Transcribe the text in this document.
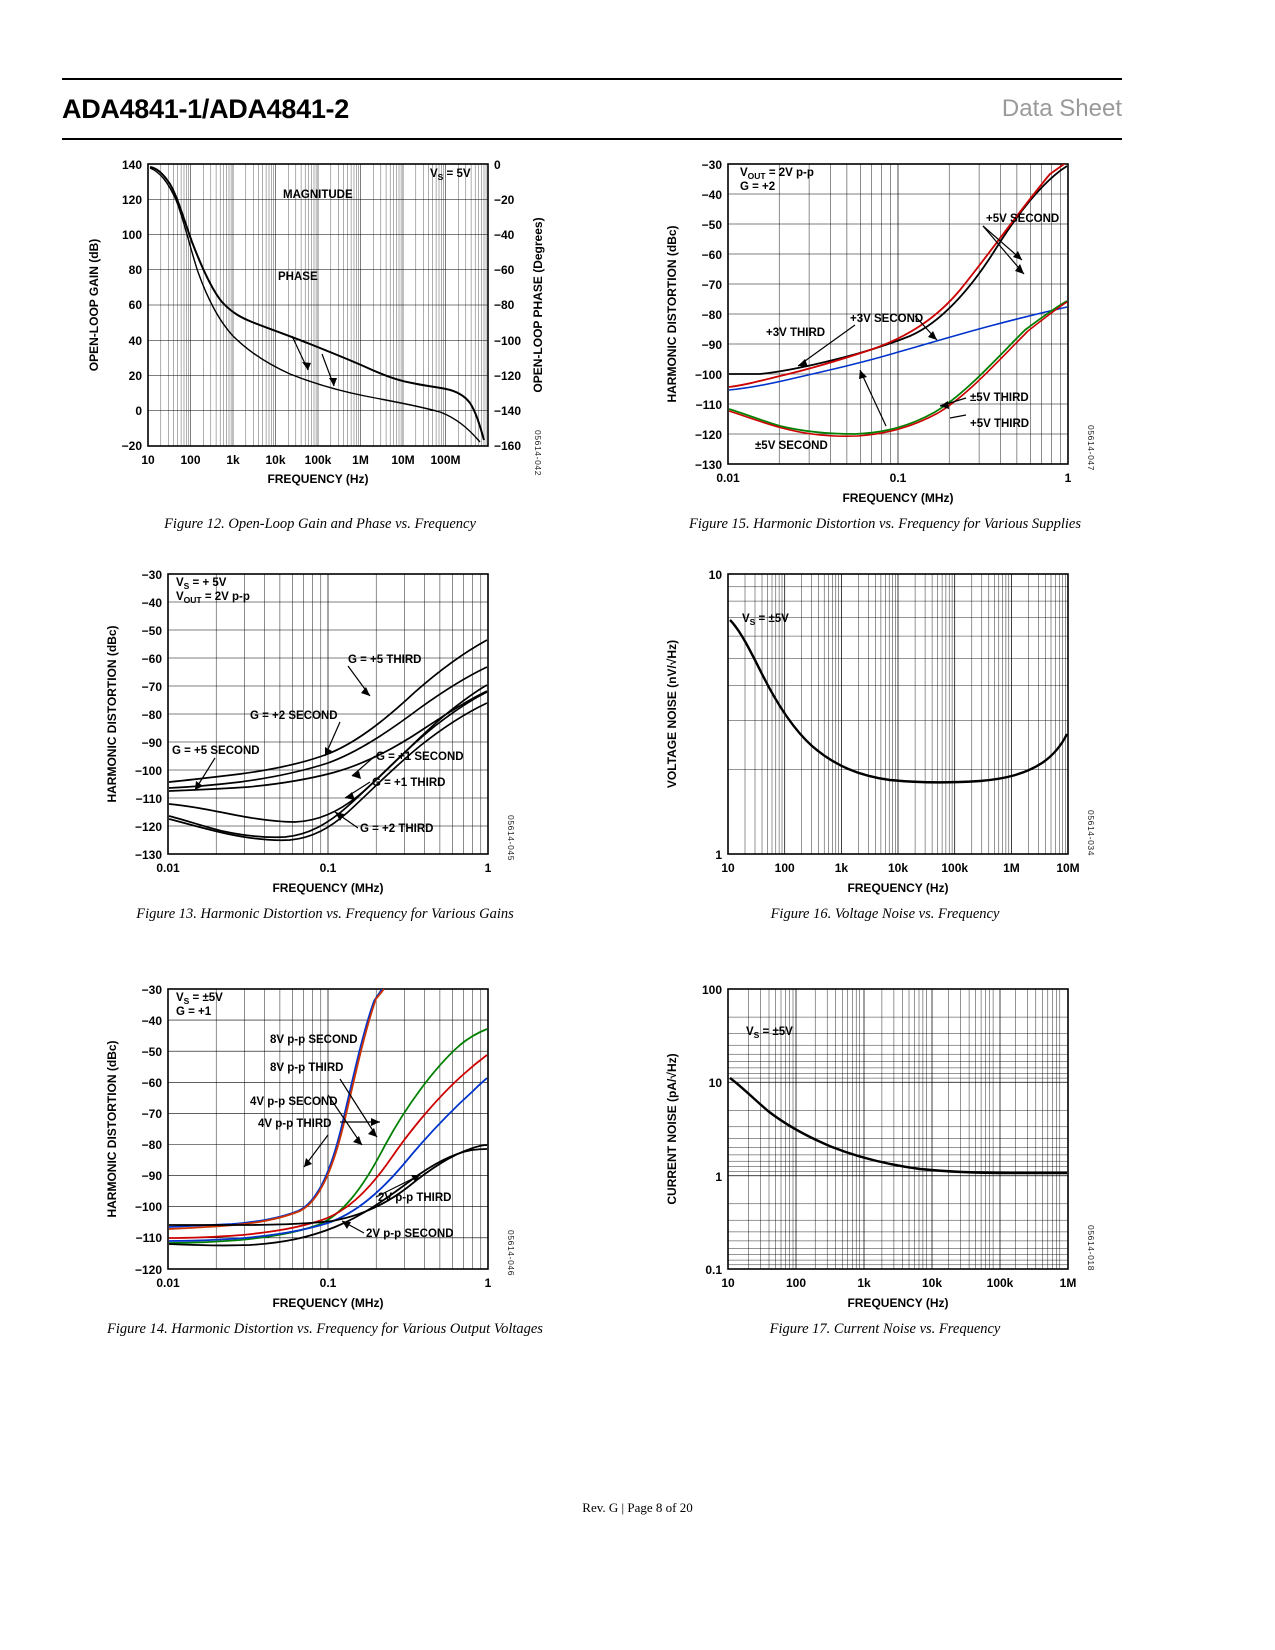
ADA4841-1/ADA4841-2	Data Sheet
MAGNITUDE
PHASE
$V_S = 5V$
140
120
100
80
60
40
20
0
−20
0
−20
−40
−60
−80
−100
−120
−140
−160
10 100 1k 10k 100k 1M 10M 100M
FREQUENCY (Hz)
OPEN-LOOP GAIN (dB)	OPEN-LOOP PHASE (Degrees)
05614-042
Figure 12. Open-Loop Gain and Phase vs. Frequency
$V_{OUT} = 2V$ p-p
G = +2
+5V SECOND
+3V SECOND
+3V THIRD
±5V THIRD
+5V THIRD
±5V SECOND
−30
−40
−50
−60
−70
−80
−90
−100
−110
−120
−130
0.01	0.1	1
FREQUENCY (MHz)
HARMONIC DISTORTION (dBc)
05614-047
Figure 15. Harmonic Distortion vs. Frequency for Various Supplies
$V_S$ = + 5V
$V_{OUT} = 2V$ p-p
G = +5 THIRD
G = +2 SECOND
G = +5 SECOND	G = +1 SECOND
G = +1 THIRD
G = +2 THIRD
−30
−40
−50
−60
−70
−80
−90
−100
−110
−120
−130
0.01	0.1	1
FREQUENCY (MHz)
HARMONIC DISTORTION (dBc)
05614-045
Figure 13. Harmonic Distortion vs. Frequency for Various Gains
$V_S = \pm 5V$
10
1
10	100	1k	10k	100k	1M	10M
FREQUENCY (Hz)
VOLTAGE NOISE (nV/√Hz)
05614-034
Figure 16. Voltage Noise vs. Frequency
$V_S = \pm 5V$
G = +1
8V p-p SECOND
8V p-p THIRD
4V p-p SECOND
4V p-p THIRD
2V p-p THIRD
2V p-p SECOND
−30
−40
−50
−60
−70
−80
−90
−100
−110
−120
0.01	0.1	1
FREQUENCY (MHz)
HARMONIC DISTORTION (dBc)
05614-046
Figure 14. Harmonic Distortion vs. Frequency for Various Output Voltages
$V_S = \pm 5V$
100
10
1
0.1
10	100	1k	10k	100k	1M
FREQUENCY (Hz)
CURRENT NOISE (pA/√Hz)
05614-018
Figure 17. Current Noise vs. Frequency
Rev. G | Page 8 of 20
